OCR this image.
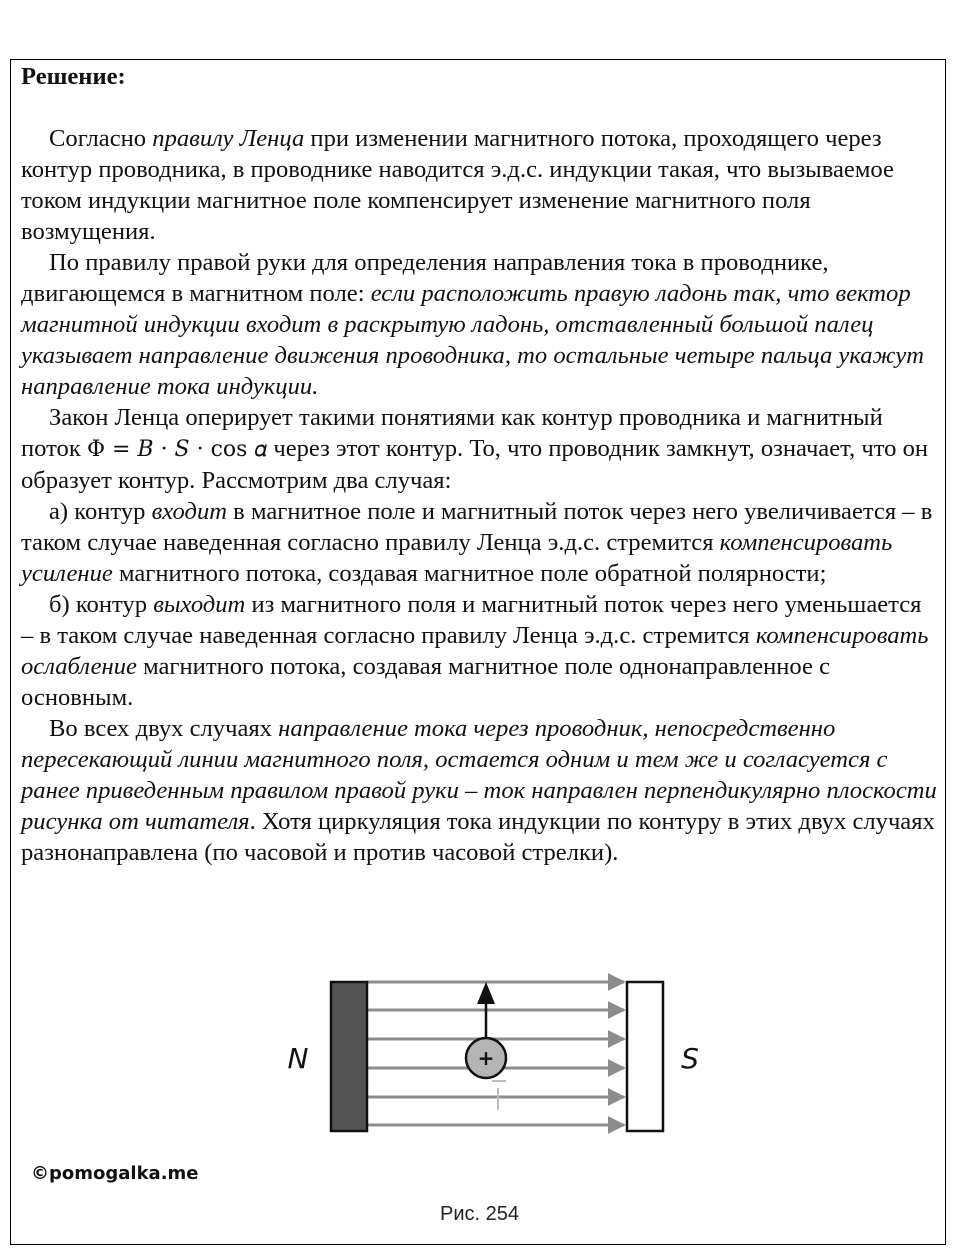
Решение:

Согласно правилу Ленца при изменении магнитного потока, проходящего через контур проводника, в проводнике наводится э.д.с. индукции такая, что вызываемое током индукции магнитное поле компенсирует изменение магнитного поля возмущения.

По правилу правой руки для определения направления тока в проводнике, двигающемся в магнитном поле: если расположить правую ладонь так, что вектор магнитной индукции входит в раскрытую ладонь, отставленный большой палец указывает направление движения проводника, то остальные четыре пальца укажут направление тока индукции.

Закон Ленца оперирует такими понятиями как контур проводника и магнитный поток Φ = 𝐵 · 𝑆 · cos 𝛼 через этот контур. То, что проводник замкнут, означает, что он образует контур. Рассмотрим два случая:

а) контур входит в магнитное поле и магнитный поток через него увеличивается – в таком случае наведенная согласно правилу Ленца э.д.с. стремится компенсировать усиление магнитного потока, создавая магнитное поле обратной полярности;

б) контур выходит из магнитного поля и магнитный поток через него уменьшается – в таком случае наведенная согласно правилу Ленца э.д.с. стремится компенсировать ослабление магнитного потока, создавая магнитное поле однонаправленное с основным.

Во всех двух случаях направление тока через проводник, непосредственно пересекающий линии магнитного поля, остается одним и тем же и согласуется с ранее приведенным правилом правой руки – ток направлен перпендикулярно плоскости рисунка от читателя. Хотя циркуляция тока индукции по контуру в этих двух случаях разнонаправлена (по часовой и против часовой стрелки).

+
N	S
©pomogalka.me
Рис. 254
